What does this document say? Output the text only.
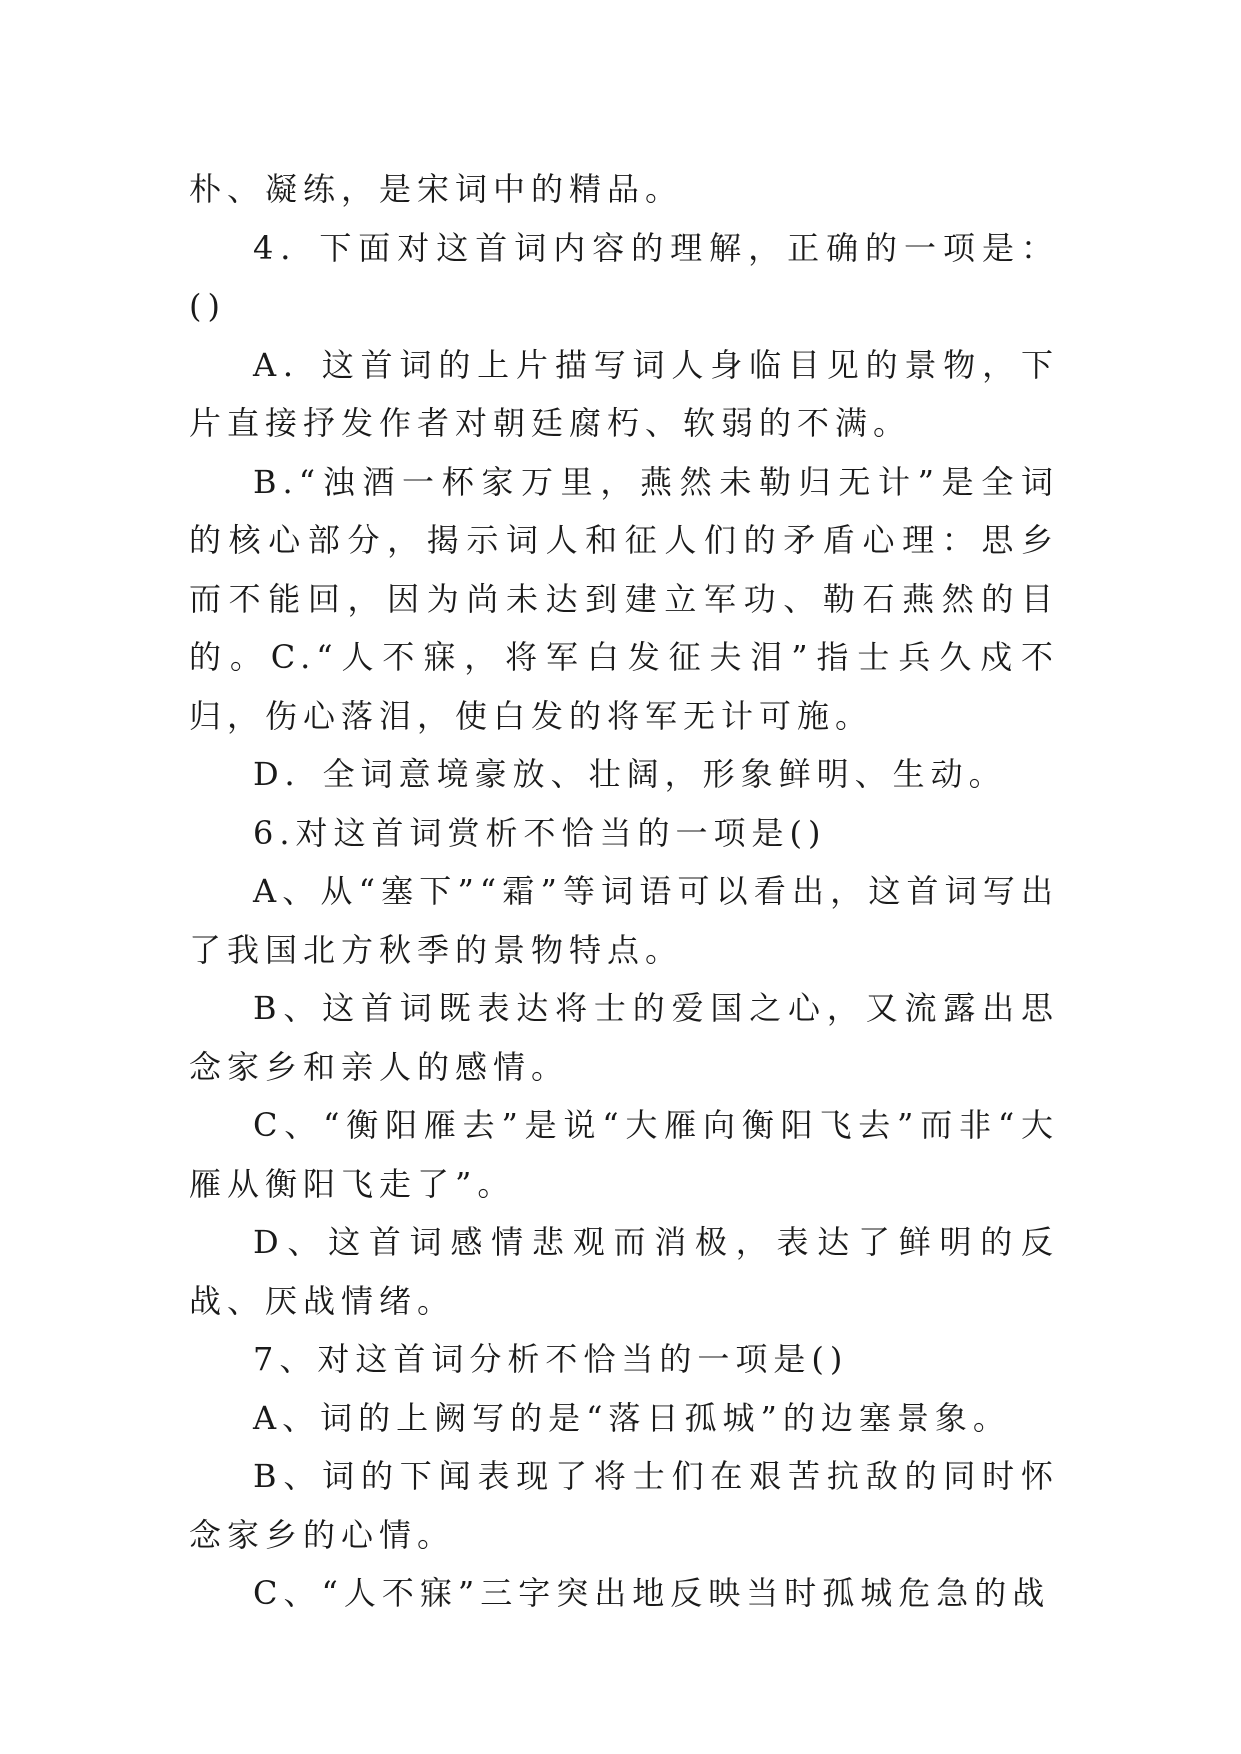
朴、凝练，是宋词中的精品。

4．下面对这首词内容的理解，正确的一项是：()

A．这首词的上片描写词人身临目见的景物，下片直接抒发作者对朝廷腐朽、软弱的不满。

B.“浊酒一杯家万里，燕然未勒归无计”是全词的核心部分，揭示词人和征人们的矛盾心理：思乡而不能回，因为尚未达到建立军功、勒石燕然的目的。C.“人不寐，将军白发征夫泪”指士兵久戍不归，伤心落泪，使白发的将军无计可施。

D．全词意境豪放、壮阔，形象鲜明、生动。

6.对这首词赏析不恰当的一项是()

A、从“塞下”“霜”等词语可以看出，这首词写出了我国北方秋季的景物特点。

B、这首词既表达将士的爱国之心，又流露出思念家乡和亲人的感情。

C、“衡阳雁去”是说“大雁向衡阳飞去”而非“大雁从衡阳飞走了”。

D、这首词感情悲观而消极，表达了鲜明的反战、厌战情绪。

7、对这首词分析不恰当的一项是()

A、词的上阙写的是“落日孤城”的边塞景象。

B、词的下闻表现了将士们在艰苦抗敌的同时怀念家乡的心情。

C、“人不寐”三字突出地反映当时孤城危急的战
